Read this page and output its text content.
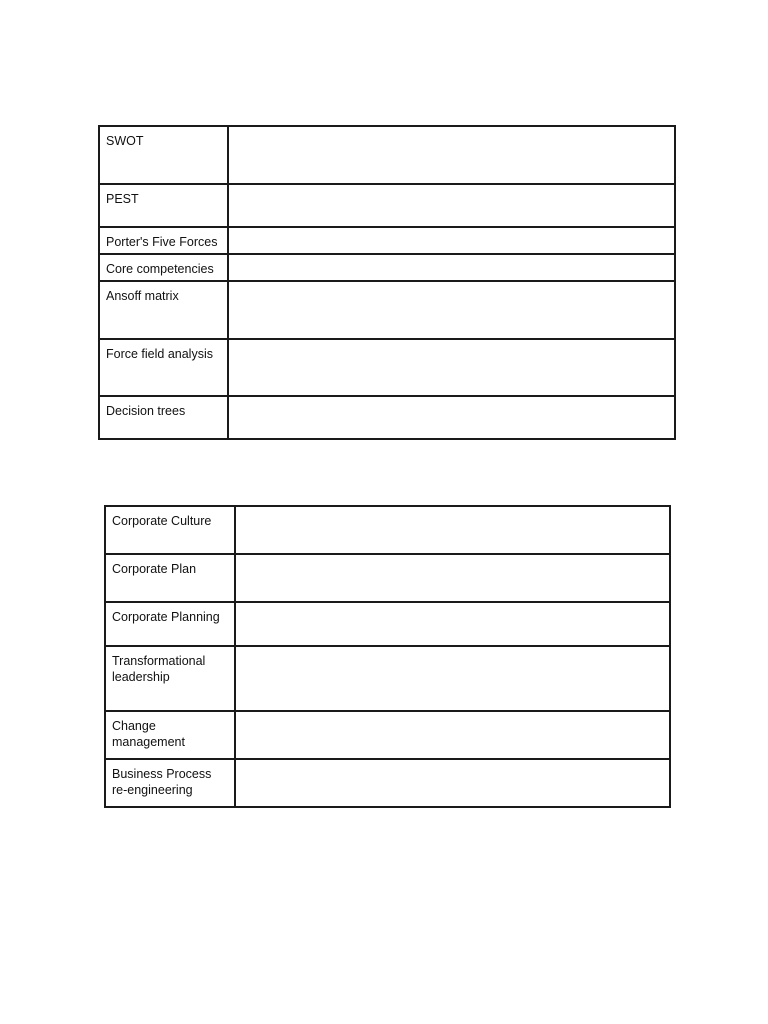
SWOT	
PEST	
Porter's Five Forces	
Core competencies	
Ansoff matrix	
Force field analysis	
Decision trees	
Corporate Culture	
Corporate Plan	
Corporate Planning	
Transformational leadership	
Change management	
Business Process re-engineering	
